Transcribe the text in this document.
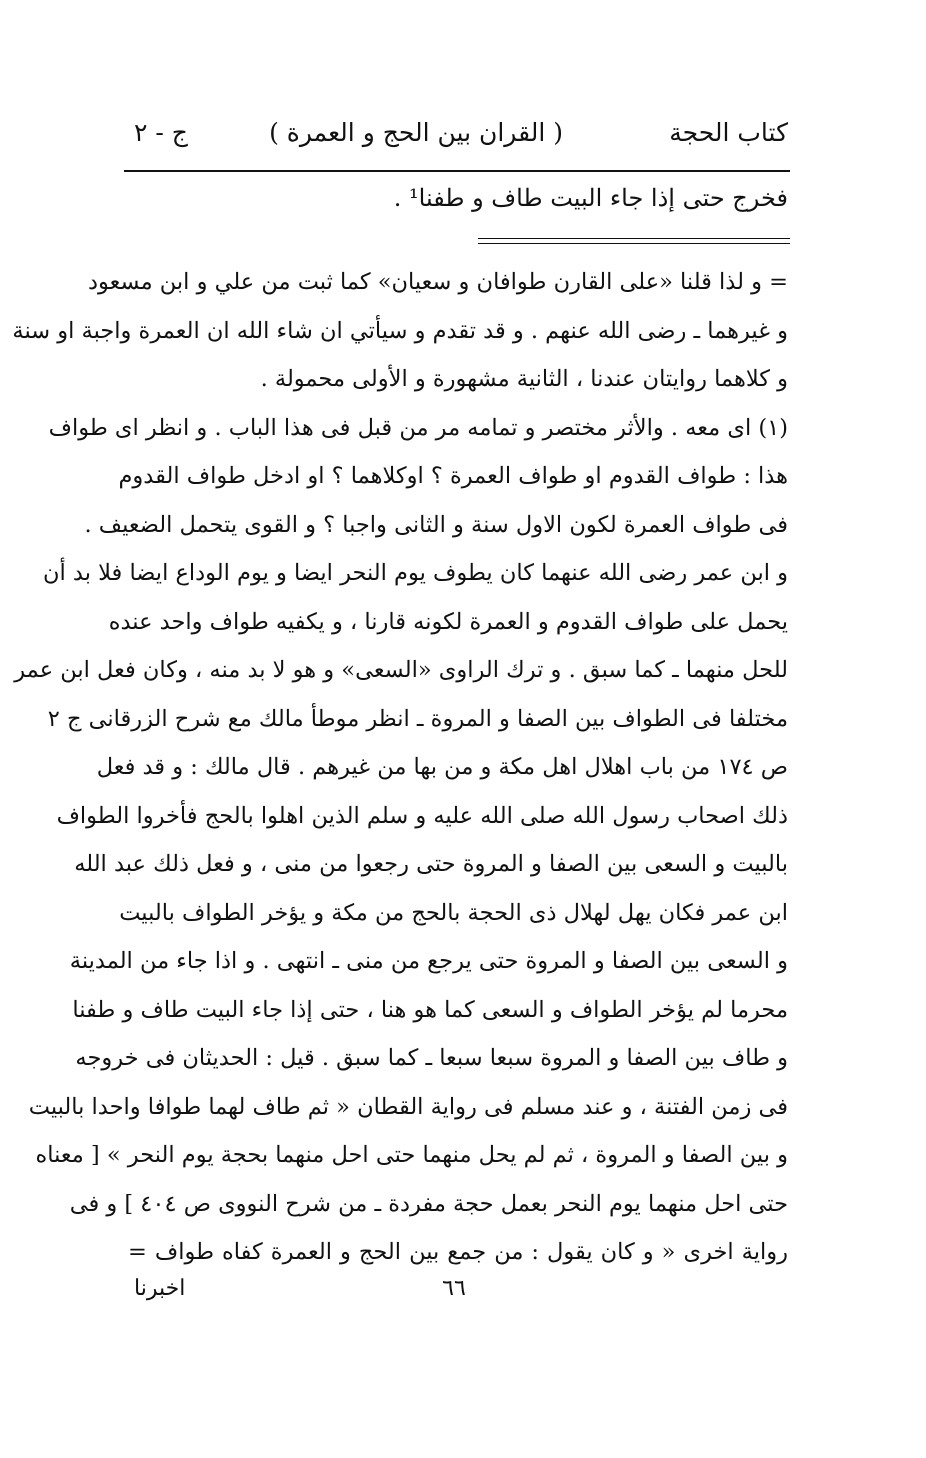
كتاب الحجة
( القران بين الحج و العمرة )
ج - ٢
فخرج حتى إذا جاء البيت طاف و طفنا¹ .
= و لذا قلنا «على القارن طوافان و سعيان» كما ثبت من علي و ابن مسعود
و غيرهما ـ رضى الله عنهم . و قد تقدم و سيأتي ان شاء الله ان العمرة واجبة او سنة
و كلاهما روايتان عندنا ، الثانية مشهورة و الأولى محمولة .
(١) اى معه . والأثر مختصر و تمامه مر من قبل فى هذا الباب . و انظر اى طواف
هذا : طواف القدوم او طواف العمرة ؟ اوكلاهما ؟ او ادخل طواف القدوم
فى طواف العمرة لكون الاول سنة و الثانى واجبا ؟ و القوى يتحمل الضعيف .
و ابن عمر رضى الله عنهما كان يطوف يوم النحر ايضا و يوم الوداع ايضا فلا بد أن
يحمل على طواف القدوم و العمرة لكونه قارنا ، و يكفيه طواف واحد عنده
للحل منهما ـ كما سبق . و ترك الراوى «السعى» و هو لا بد منه ، وكان فعل ابن عمر
مختلفا فى الطواف بين الصفا و المروة ـ انظر موطأ مالك مع شرح الزرقانى ج ٢
ص ١٧٤ من باب اهلال اهل مكة و من بها من غيرهم . قال مالك : و قد فعل
ذلك اصحاب رسول الله صلى الله عليه و سلم الذين اهلوا بالحج فأخروا الطواف
بالبيت و السعى بين الصفا و المروة حتى رجعوا من منى ، و فعل ذلك عبد الله
ابن عمر فكان يهل لهلال ذى الحجة بالحج من مكة و يؤخر الطواف بالبيت
و السعى بين الصفا و المروة حتى يرجع من منى ـ انتهى . و اذا جاء من المدينة
محرما لم يؤخر الطواف و السعى كما هو هنا ، حتى إذا جاء البيت طاف و طفنا
و طاف بين الصفا و المروة سبعا سبعا ـ كما سبق . قيل : الحديثان فى خروجه
فى زمن الفتنة ، و عند مسلم فى رواية القطان « ثم طاف لهما طوافا واحدا بالبيت
و بين الصفا و المروة ، ثم لم يحل منهما حتى احل منهما بحجة يوم النحر » [ معناه
حتى احل منهما يوم النحر بعمل حجة مفردة ـ من شرح النووى ص ٤٠٤ ] و فى
رواية اخرى « و كان يقول : من جمع بين الحج و العمرة كفاه طواف =
٦٦
اخبرنا
